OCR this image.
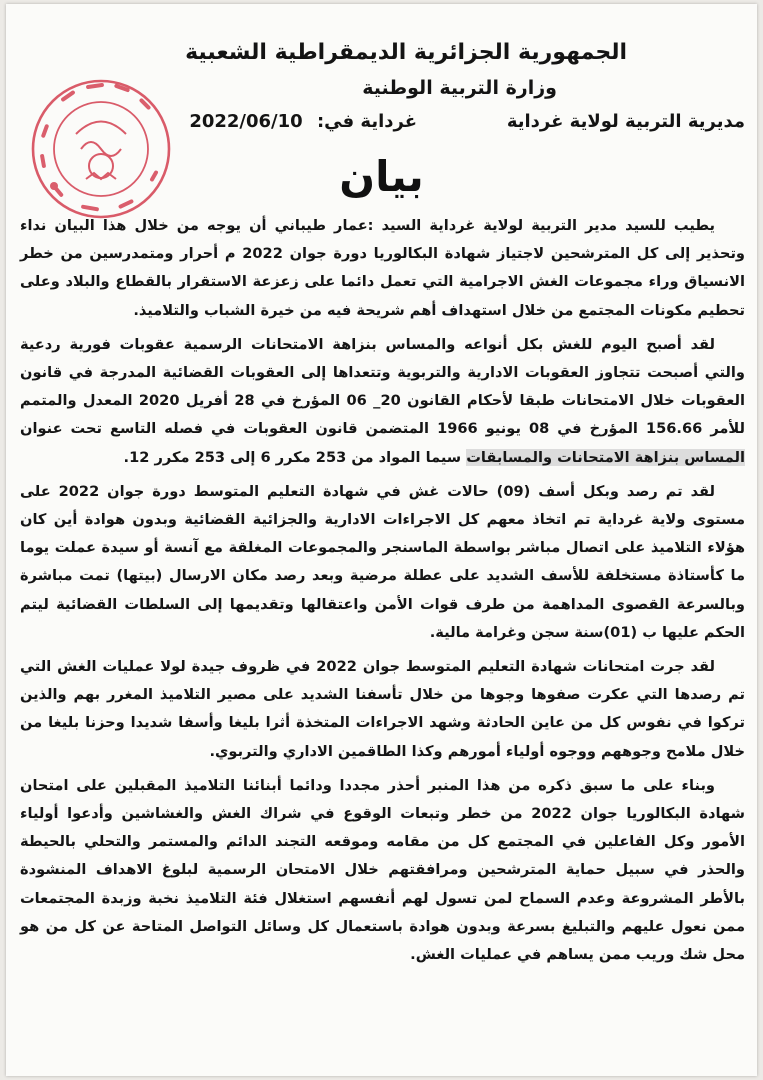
الجمهورية الجزائرية الديمقراطية الشعبية
وزارة التربية الوطنية
مديرية التربية لولاية غرداية
غرداية في: 2022/06/10
بيان

يطيب للسيد مدير التربية لولاية غرداية السيد :عمار طيباني أن يوجه من خلال هذا البيان نداء وتحذير إلى كل المترشحين لاجتياز شهادة البكالوريا دورة جوان 2022 م أحرار ومتمدرسين من خطر الانسياق وراء مجموعات الغش الاجرامية التي تعمل دائما على زعزعة الاستقرار بالقطاع والبلاد وعلى تحطيم مكونات المجتمع من خلال استهداف أهم شريحة فيه من خيرة الشباب والتلاميذ.

لقد أصبح اليوم للغش بكل أنواعه والمساس بنزاهة الامتحانات الرسمية عقوبات فورية ردعية والتي أصبحت تتجاوز العقوبات الادارية والتربوية وتتعداها إلى العقوبات القضائية المدرجة في قانون العقوبات خلال الامتحانات طبقا لأحكام القانون 20_ 06 المؤرخ في 28 أفريل 2020 المعدل والمتمم للأمر 156.66 المؤرخ في 08 يونيو 1966 المتضمن قانون العقوبات في فصله التاسع تحت عنوان المساس بنزاهة الامتحانات والمسابقات سيما المواد من 253 مكرر 6 إلى 253 مكرر 12.

لقد تم رصد وبكل أسف (09) حالات غش في شهادة التعليم المتوسط دورة جوان 2022 على مستوى ولاية غرداية تم اتخاذ معهم كل الاجراءات الادارية والجزائية القضائية وبدون هوادة أين كان هؤلاء التلاميذ على اتصال مباشر بواسطة الماسنجر والمجموعات المغلقة مع آنسة أو سيدة عملت يوما ما كأستاذة مستخلفة للأسف الشديد على عطلة مرضية وبعد رصد مكان الارسال (بيتها) تمت مباشرة وبالسرعة القصوى المداهمة من طرف قوات الأمن واعتقالها وتقديمها إلى السلطات القضائية ليتم الحكم عليها ب (01)سنة سجن وغرامة مالية.

لقد جرت امتحانات شهادة التعليم المتوسط جوان 2022 في ظروف جيدة لولا عمليات الغش التي تم رصدها التي عكرت صفوها وجوها من خلال تأسفنا الشديد على مصير التلاميذ المغرر بهم والذين تركوا في نفوس كل من عاين الحادثة وشهد الاجراءات المتخذة أثرا بليغا وأسفا شديدا وحزنا بليغا من خلال ملامح وجوههم ووجوه أولياء أمورهم وكذا الطاقمين الاداري والتربوي.

وبناء على ما سبق ذكره من هذا المنبر أحذر مجددا ودائما أبنائنا التلاميذ المقبلين على امتحان شهادة البكالوريا جوان 2022 من خطر وتبعات الوقوع في شراك الغش والغشاشين وأدعوا أولياء الأمور وكل الفاعلين في المجتمع كل من مقامه وموقعه التجند الدائم والمستمر والتحلي بالحيطة والحذر في سبيل حماية المترشحين ومرافقتهم خلال الامتحان الرسمية لبلوغ الاهداف المنشودة بالأطر المشروعة وعدم السماح لمن تسول لهم أنفسهم استغلال فئة التلاميذ نخبة وزبدة المجتمعات ممن نعول عليهم والتبليغ بسرعة وبدون هوادة باستعمال كل وسائل التواصل المتاحة عن كل من هو محل شك وريب ممن يساهم في عمليات الغش.
